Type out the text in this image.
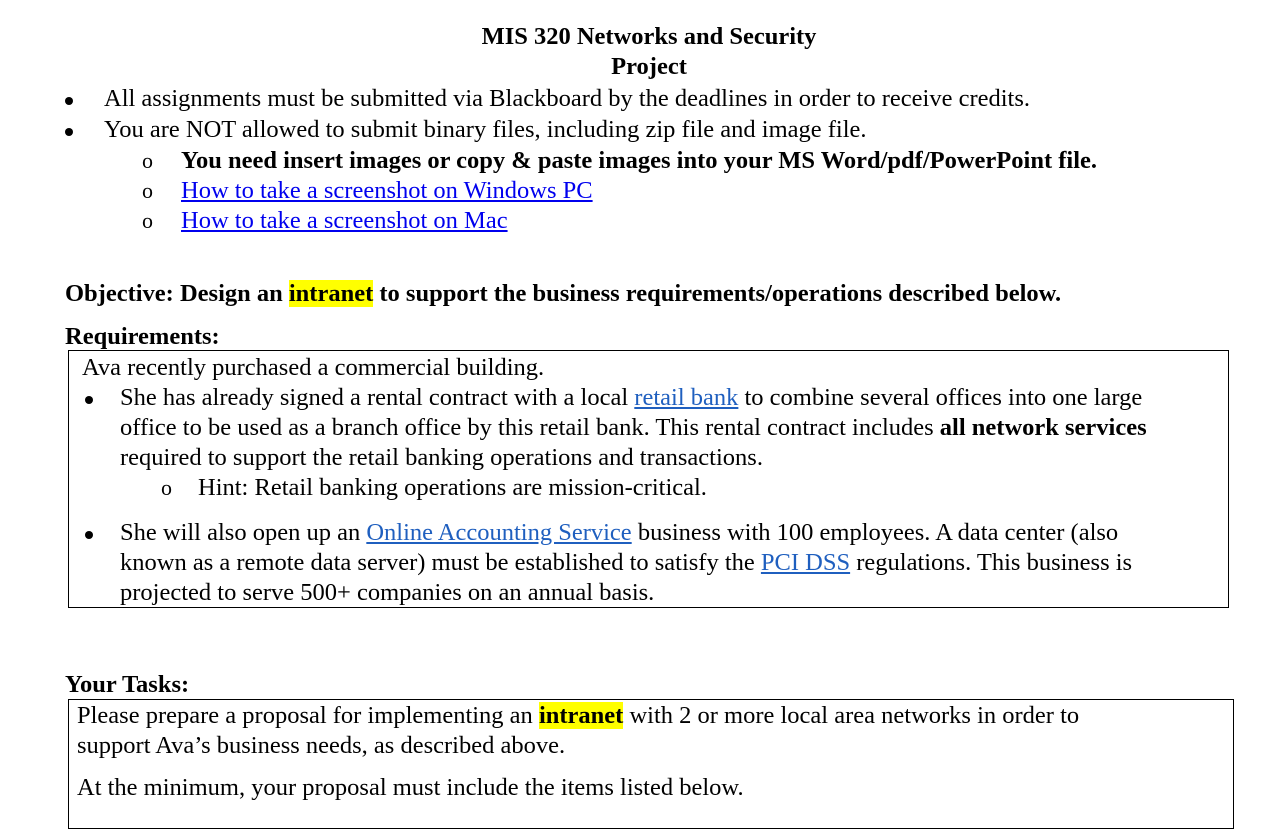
MIS 320 Networks and Security
Project
All assignments must be submitted via Blackboard by the deadlines in order to receive credits.
You are NOT allowed to submit binary files, including zip file and image file.
o You need insert images or copy & paste images into your MS Word/pdf/PowerPoint file.
o How to take a screenshot on Windows PC
o How to take a screenshot on Mac
Objective: Design an intranet to support the business requirements/operations described below.
Requirements:
Ava recently purchased a commercial building.
She has already signed a rental contract with a local retail bank to combine several offices into one large
office to be used as a branch office by this retail bank. This rental contract includes all network services
required to support the retail banking operations and transactions.
o Hint: Retail banking operations are mission-critical.
She will also open up an Online Accounting Service business with 100 employees. A data center (also
known as a remote data server) must be established to satisfy the PCI DSS regulations. This business is
projected to serve 500+ companies on an annual basis.
Your Tasks:
Please prepare a proposal for implementing an intranet with 2 or more local area networks in order to
support Ava’s business needs, as described above.
At the minimum, your proposal must include the items listed below.
